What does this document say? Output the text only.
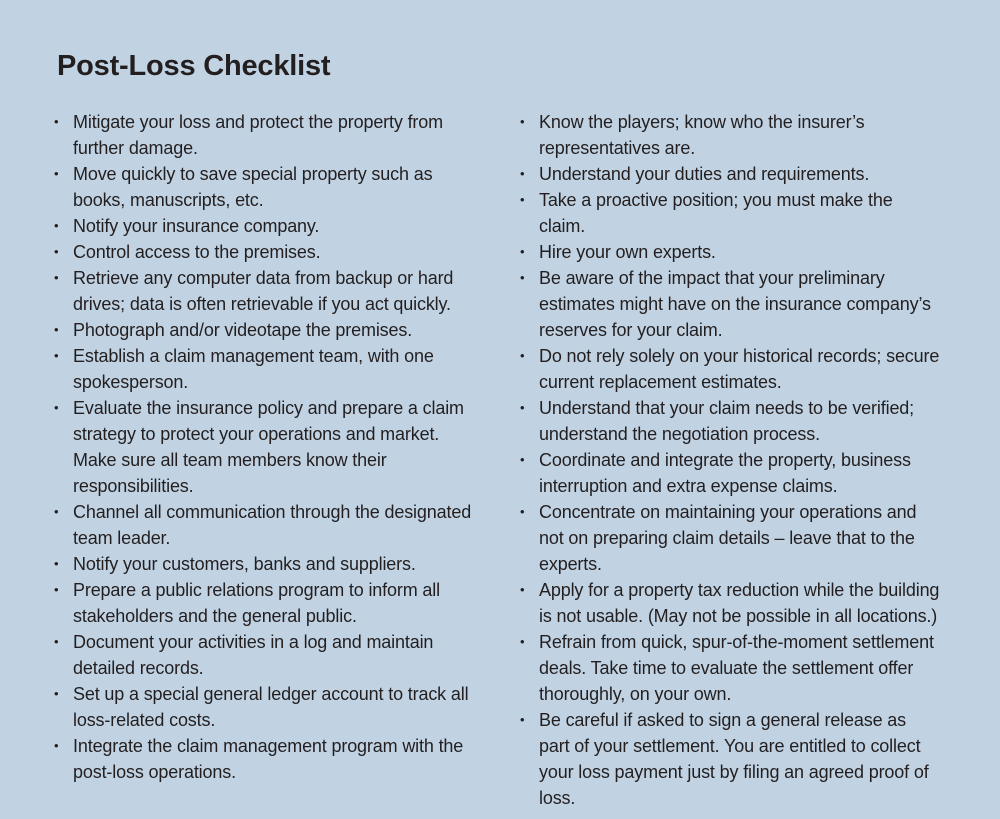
Post-Loss Checklist
• Mitigate your loss and protect the property from further damage.
• Move quickly to save special property such as books, manuscripts, etc.
• Notify your insurance company.
• Control access to the premises.
• Retrieve any computer data from backup or hard drives; data is often retrievable if you act quickly.
• Photograph and/or videotape the premises.
• Establish a claim management team, with one spokesperson.
• Evaluate the insurance policy and prepare a claim strategy to protect your operations and market. Make sure all team members know their responsibilities.
• Channel all communication through the designated team leader.
• Notify your customers, banks and suppliers.
• Prepare a public relations program to inform all stakeholders and the general public.
• Document your activities in a log and maintain detailed records.
• Set up a special general ledger account to track all loss-related costs.
• Integrate the claim management program with the post-loss operations.
• Know the players; know who the insurer’s representatives are.
• Understand your duties and requirements.
• Take a proactive position; you must make the claim.
• Hire your own experts.
• Be aware of the impact that your preliminary estimates might have on the insurance company’s reserves for your claim.
• Do not rely solely on your historical records; secure current replacement estimates.
• Understand that your claim needs to be verified; understand the negotiation process.
• Coordinate and integrate the property, business interruption and extra expense claims.
• Concentrate on maintaining your operations and not on preparing claim details – leave that to the experts.
• Apply for a property tax reduction while the building is not usable. (May not be possible in all locations.)
• Refrain from quick, spur-of-the-moment settlement deals. Take time to evaluate the settlement offer thoroughly, on your own.
• Be careful if asked to sign a general release as part of your settlement. You are entitled to collect your loss payment just by filing an agreed proof of loss.
